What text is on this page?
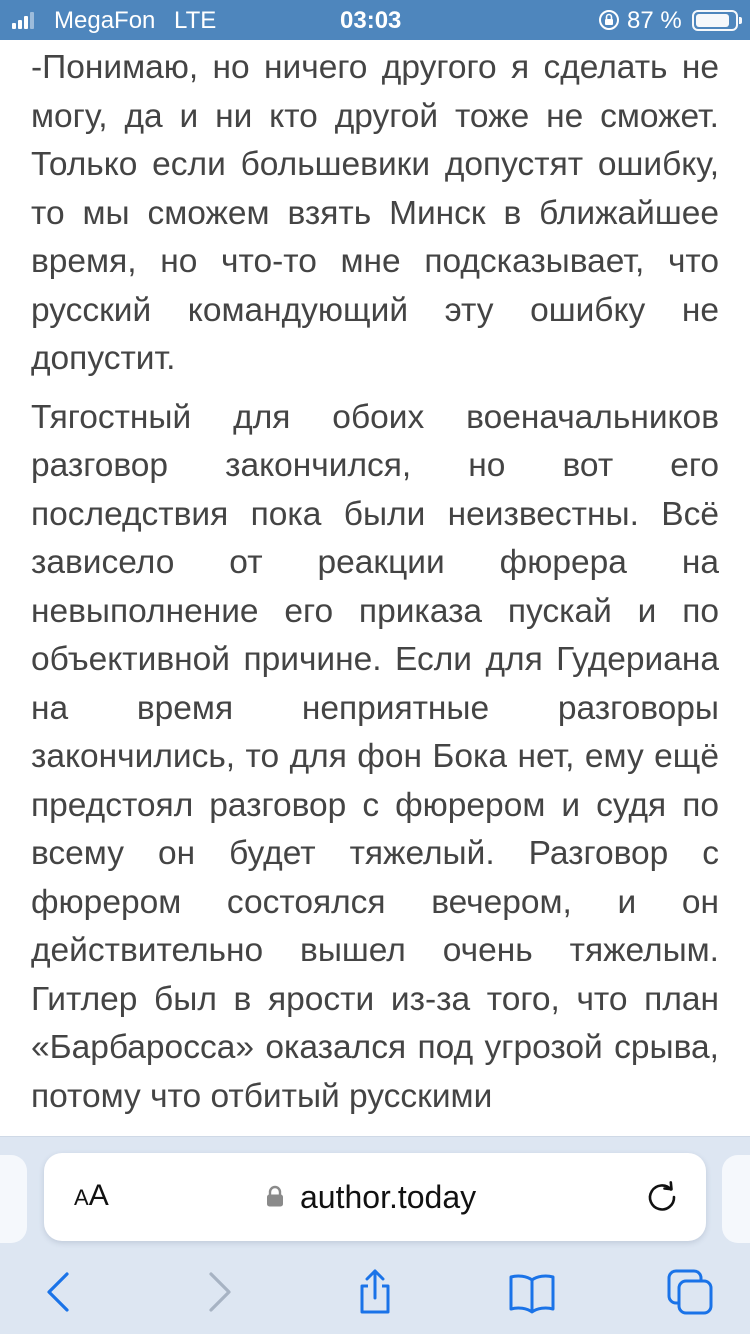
MegaFon LTE	03:03	87 %

-Понимаю, но ничего другого я сделать не могу, да и ни кто другой тоже не сможет. Только если большевики допустят ошибку, то мы сможем взять Минск в ближайшее время, но что-то мне подсказывает, что русский командующий эту ошибку не допустит.

Тягостный для обоих военачальников разговор закончился, но вот его последствия пока были неизвестны. Всё зависело от реакции фюрера на невыполнение его приказа пускай и по объективной причине. Если для Гудериана на время неприятные разговоры закончились, то для фон Бока нет, ему ещё предстоял разговор с фюрером и судя по всему он будет тяжелый. Разговор с фюрером состоялся вечером, и он действительно вышел очень тяжелым. Гитлер был в ярости из-за того, что план «Барбаросса» оказался под угрозой срыва, потому что отбитый русскими

AA	author.today
